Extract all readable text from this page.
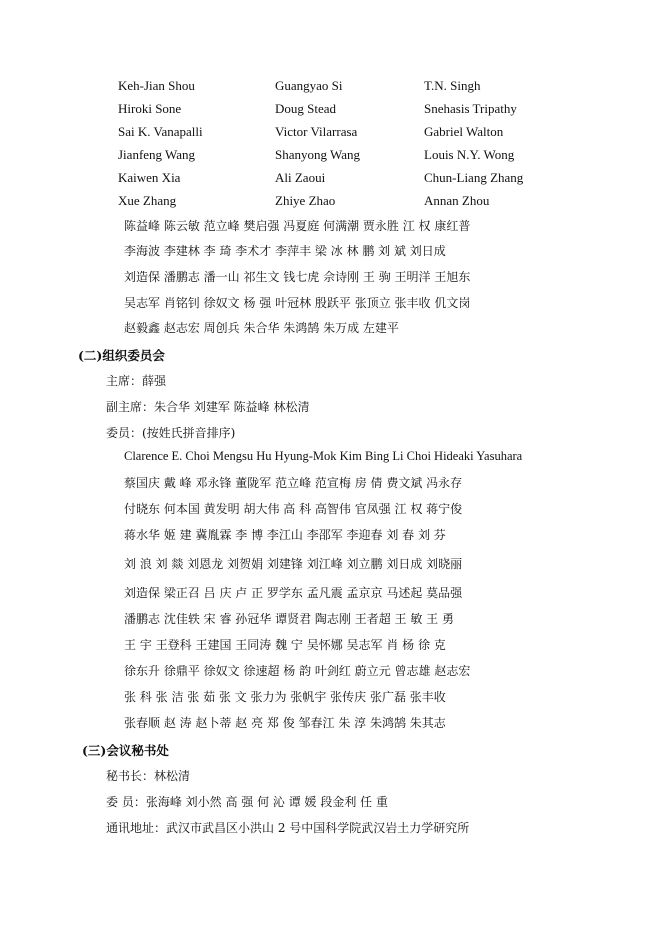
Keh-Jian Shou	Guangyao Si	T.N. Singh
Hiroki Sone	Doug Stead	Snehasis Tripathy
Sai K. Vanapalli	Victor Vilarrasa	Gabriel Walton
Jianfeng Wang	Shanyong Wang	Louis N.Y. Wong
Kaiwen Xia	Ali Zaoui	Chun-Liang Zhang
Xue Zhang	Zhiye Zhao	Annan Zhou
陈益峰 陈云敏 范立峰 樊启强 冯夏庭 何满潮 贾永胜 江 权 康红普
李海波 李建林 李 琦 李术才 李萍丰 梁 冰 林 鹏 刘 斌 刘日成
刘造保 潘鹏志 潘一山 祁生文 钱七虎 佘诗刚 王 驹 王明洋 王旭东
吴志军 肖铭钊 徐奴文 杨 强 叶冠林 殷跃平 张顶立 张丰收 仉文岗
赵毅鑫 赵志宏 周创兵 朱合华 朱鸿鹄 朱万成 左建平
(二)组织委员会
主席：薛强
副主席：朱合华 刘建军 陈益峰 林松清
委员：(按姓氏拼音排序)
Clarence E. Choi Mengsu Hu Hyung-Mok Kim Bing Li Choi Hideaki Yasuhara
蔡国庆 戴 峰 邓永锋 董陇军 范立峰 范宣梅 房 倩 费文斌 冯永存
付晓东 何本国 黄发明 胡大伟 高 科 高智伟 官凤强 江 权 蒋宁俊
蒋水华 姬 建 冀胤霖 李 博 李江山 李邵军 李迎春 刘 春 刘 芬
刘 浪 刘 燚 刘恩龙 刘贺娟 刘建锋 刘江峰 刘立鹏 刘日成 刘晓丽
刘造保 梁正召 吕 庆 卢 正 罗学东 孟凡震 孟京京 马述起 莫品强
潘鹏志 沈佳轶 宋 睿 孙冠华 谭贤君 陶志刚 王者超 王 敏 王 勇
王 宇 王登科 王建国 王同涛 魏 宁 吴怀娜 吴志军 肖 杨 徐 克
徐东升 徐鼎平 徐奴文 徐速超 杨 韵 叶剑红 蔚立元 曾志雄 赵志宏
张 科 张 洁 张 茹 张 文 张力为 张帆宇 张传庆 张广磊 张丰收
张春顺 赵 涛 赵卜蒂 赵 亮 郑 俊 邹春江 朱 淳 朱鸿鹄 朱其志
(三)会议秘书处
秘书长：林松清
委 员：张海峰 刘小然 高 强 何 沁 谭 媛 段金利 任 重
通讯地址：武汉市武昌区小洪山 2 号中国科学院武汉岩土力学研究所
